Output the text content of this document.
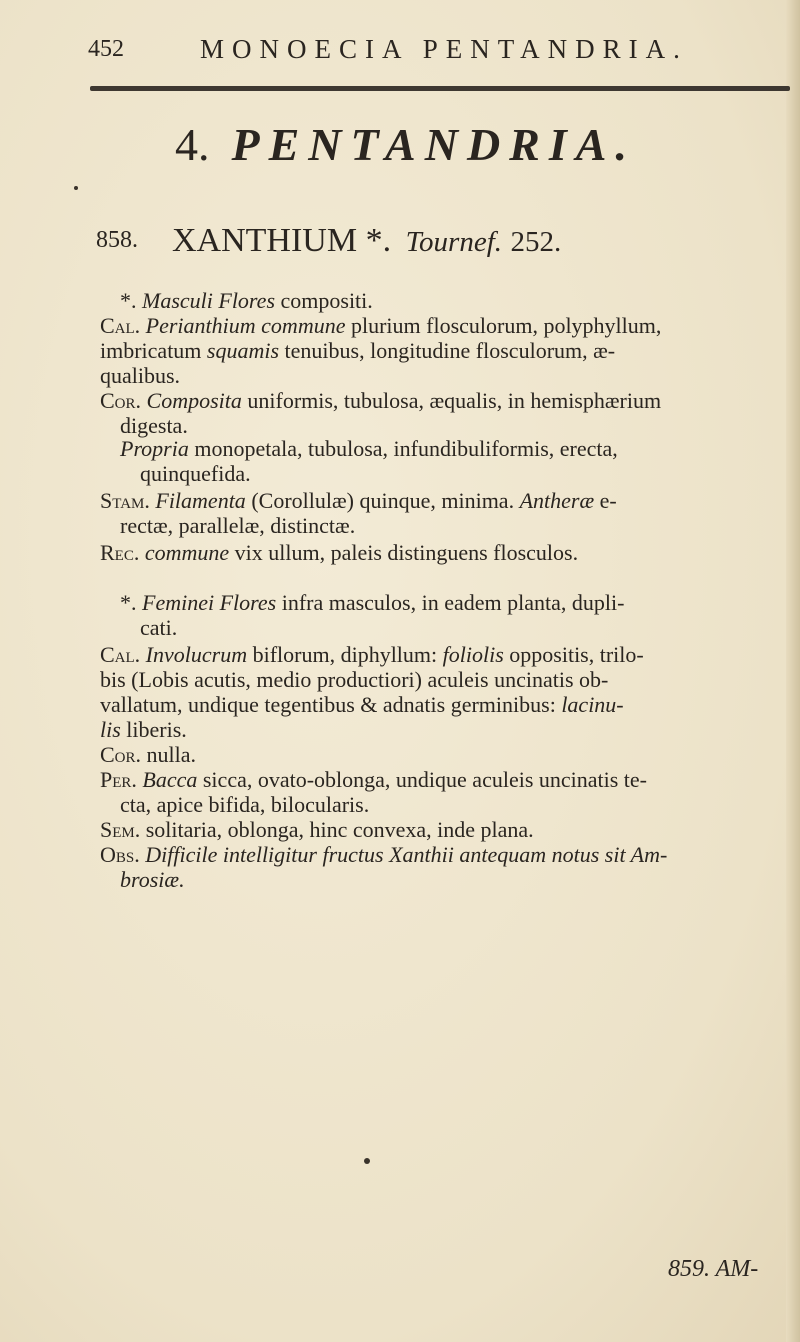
452	MONOECIA PENTANDRIA.
4. PENTANDRIA.
858. XANTHIUM *. Tournef. 252.
*. Masculi Flores compositi.
Cal. Perianthium commune plurium flosculorum, polyphyllum,
imbricatum squamis tenuibus, longitudine flosculorum, æ-
qualibus.
Cor. Composita uniformis, tubulosa, æqualis, in hemisphærium
digesta.
Propria monopetala, tubulosa, infundibuliformis, erecta,
quinquefida.
Stam. Filamenta (Corollulæ) quinque, minima. Antheræ e-
rectæ, parallelæ, distinctæ.
Rec. commune vix ullum, paleis distinguens flosculos.
*. Feminei Flores infra masculos, in eadem planta, dupli-
cati.
Cal. Involucrum biflorum, diphyllum: foliolis oppositis, trilo-
bis (Lobis acutis, medio productiori) aculeis uncinatis ob-
vallatum, undique tegentibus & adnatis germinibus: lacinu-
lis liberis.
Cor. nulla.
Per. Bacca sicca, ovato-oblonga, undique aculeis uncinatis te-
cta, apice bifida, bilocularis.
Sem. solitaria, oblonga, hinc convexa, inde plana.
Obs. Difficile intelligitur fructus Xanthii antequam notus sit Am-
brosiæ.
859. AM-
